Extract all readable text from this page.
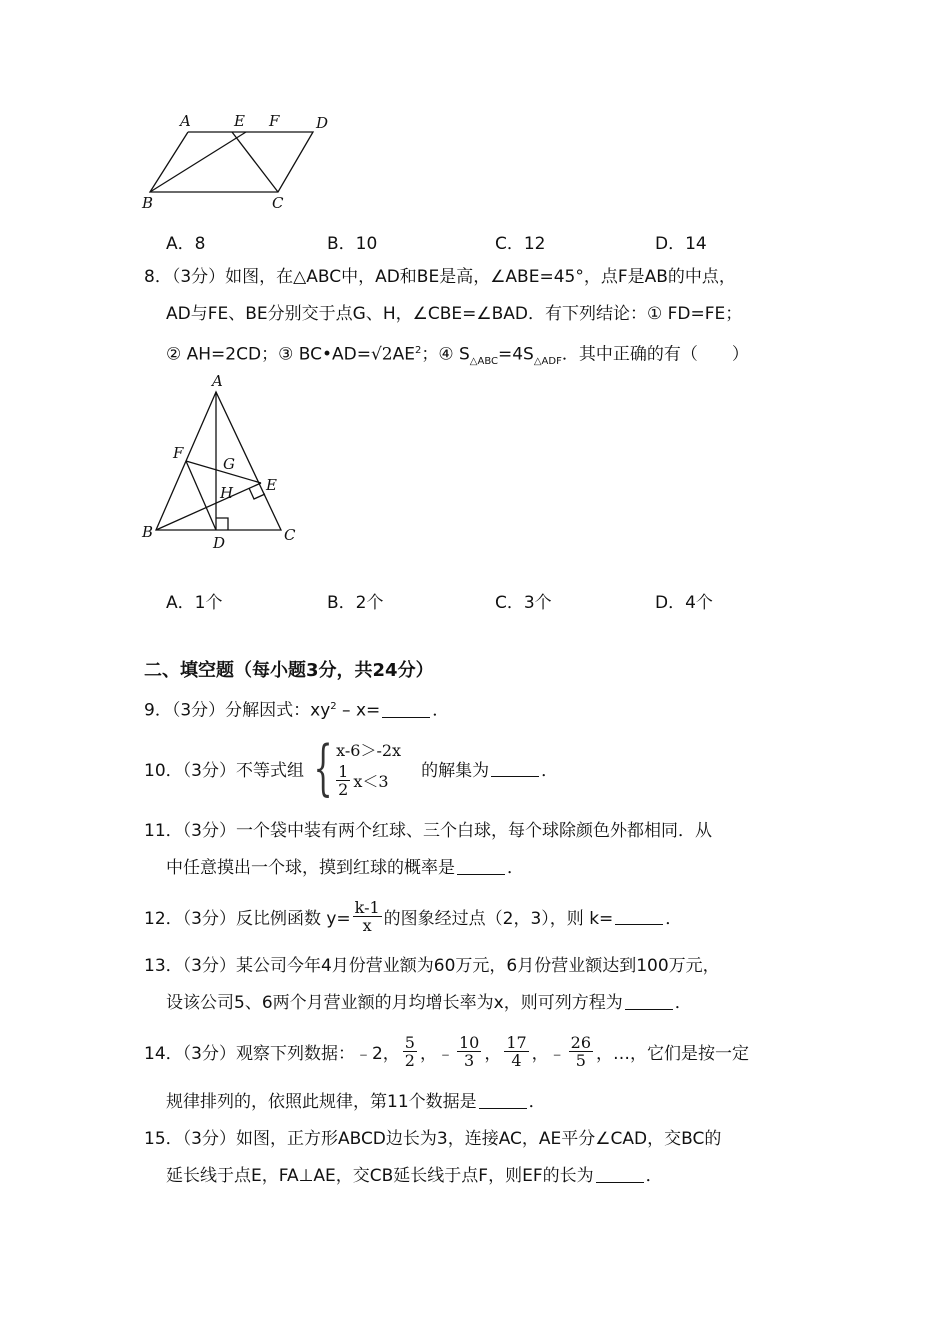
A	E F D
B	C
A．8	B．10	C．12	D．14
8．（3分）如图，在△ABC中，AD和BE是高，∠ABE=45°，点F是AB的中点，
AD与FE、BE分别交于点G、H，∠CBE=∠BAD．有下列结论：① FD=FE；
② AH=2CD；③ $BC•AD=√2AE^2$；④ $S_{\triangle ABC}=4S_{\triangle ADF}$．其中正确的有（　　）
A
F
G
E
H
B
D	C
A．1个	B．2个	C．3个	D．4个
二、填空题（每小题3分，共24分）
9．（3分）分解因式：$xy^2 - x=$	．
10．（3分）不等式组 { x-6＞-2x
$\frac{1}{2} x<3$
的解集为	．
11．（3分）一个袋中装有两个红球、三个白球，每个球除颜色外都相同．从
中任意摸出一个球，摸到红球的概率是	．
12．（3分）反比例函数 $y= \frac{k-1}{x}$ 的图象经过点（2，3），则 k=	．
13．（3分）某公司今年4月份营业额为60万元，6月份营业额达到100万元，
设该公司5、6两个月营业额的月均增长率为x，则可列方程为	．
14．（3分）观察下列数据：﹣2， $\frac{5}{2}$ ，﹣ $\frac{10}{3}$ ， $\frac{17}{4}$ ，﹣ $\frac{26}{5}$ ，…，它们是按一定
规律排列的，依照此规律，第11个数据是	．
15．（3分）如图，正方形ABCD边长为3，连接AC，AE平分∠CAD，交BC的
延长线于点E，FA⊥AE，交CB延长线于点F，则EF的长为	．
